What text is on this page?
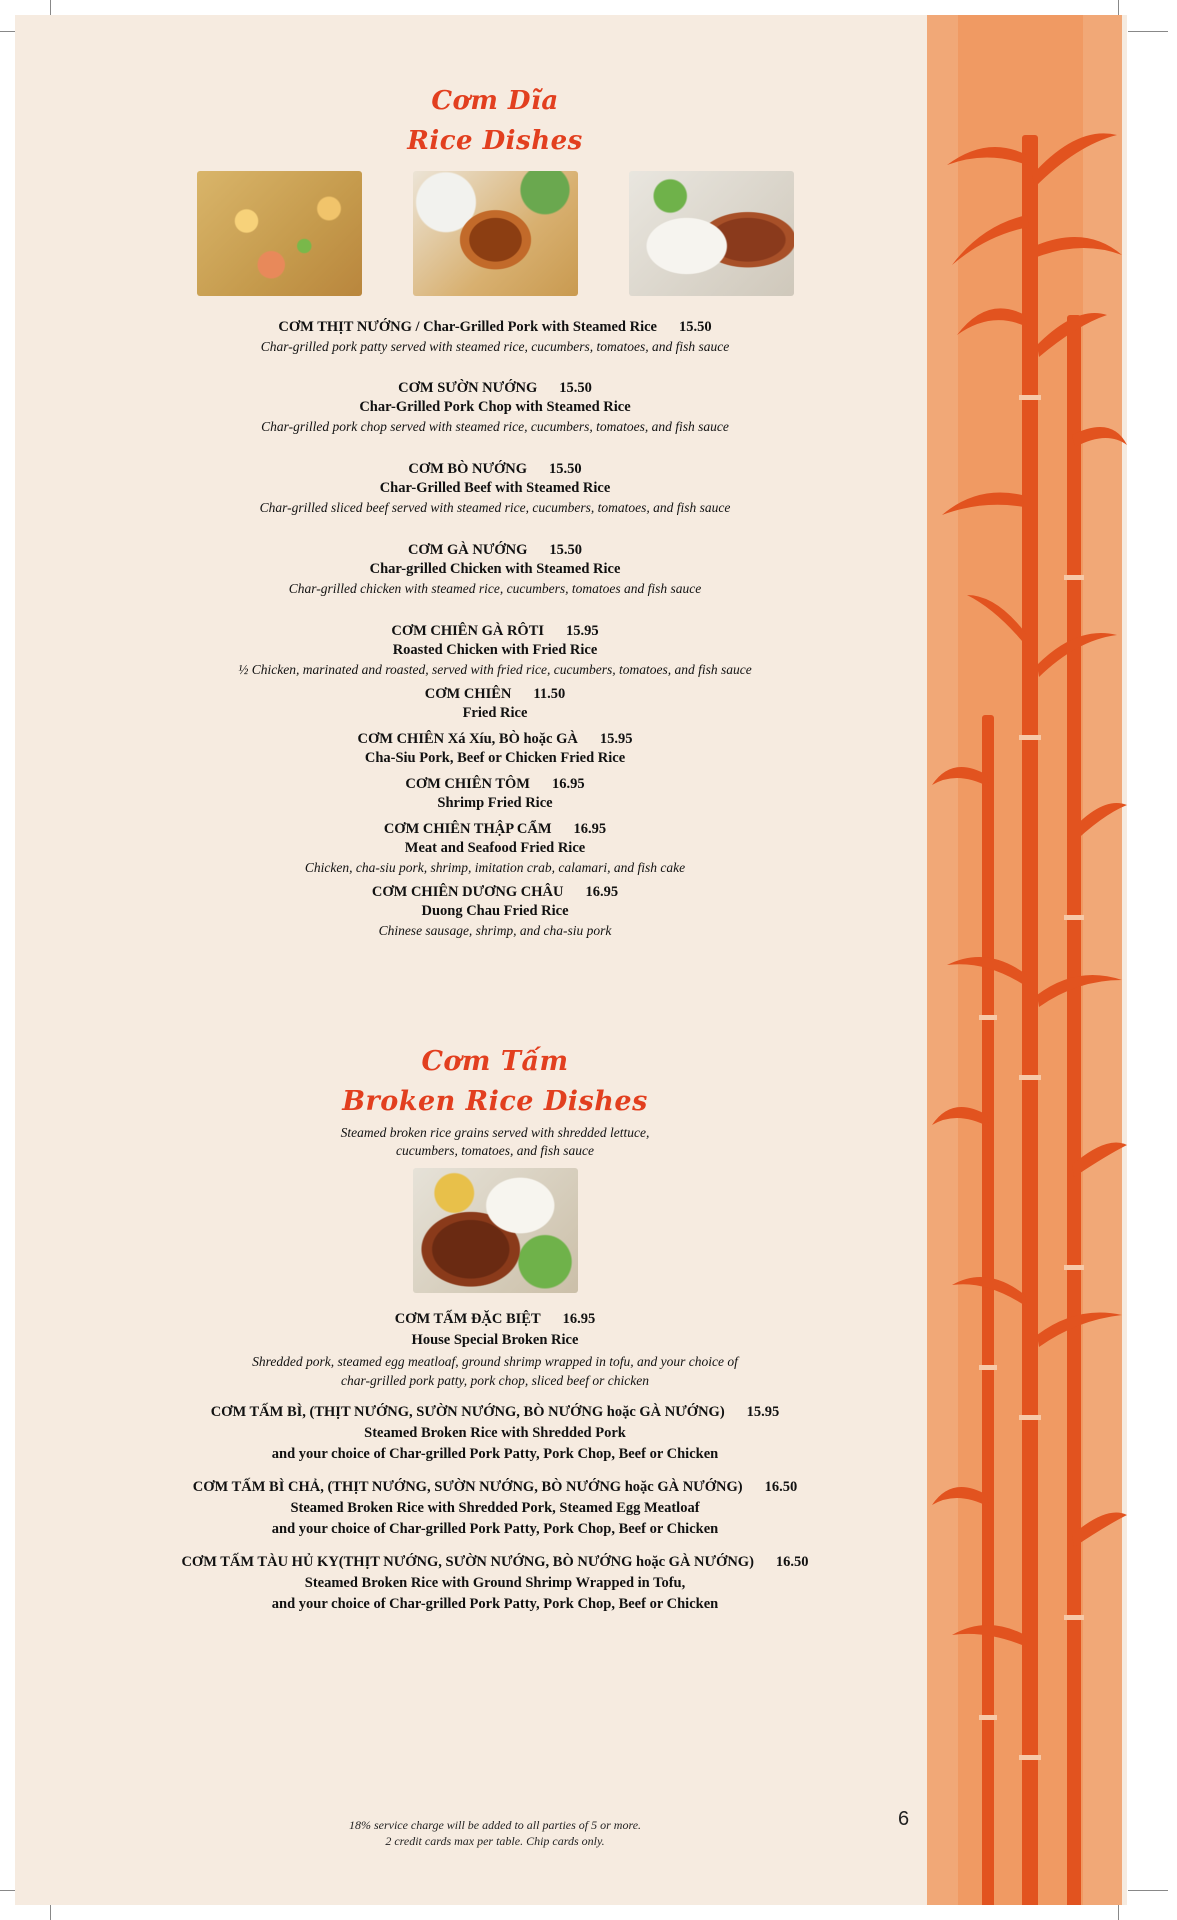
Cơm Dĩa
Rice Dishes
CƠM THỊT NƯỚNG / Char-Grilled Pork with Steamed Rice 15.50
Char-grilled pork patty served with steamed rice, cucumbers, tomatoes, and fish sauce
CƠM SƯỜN NƯỚNG 15.50
Char-Grilled Pork Chop with Steamed Rice
Char-grilled pork chop served with steamed rice, cucumbers, tomatoes, and fish sauce
CƠM BÒ NƯỚNG 15.50
Char-Grilled Beef with Steamed Rice
Char-grilled sliced beef served with steamed rice, cucumbers, tomatoes, and fish sauce
CƠM GÀ NƯỚNG 15.50
Char-grilled Chicken with Steamed Rice
Char-grilled chicken with steamed rice, cucumbers, tomatoes and fish sauce
CƠM CHIÊN GÀ RÔTI 15.95
Roasted Chicken with Fried Rice
½ Chicken, marinated and roasted, served with fried rice, cucumbers, tomatoes, and fish sauce
CƠM CHIÊN 11.50
Fried Rice
CƠM CHIÊN Xá Xíu, BÒ hoặc GÀ 15.95
Cha-Siu Pork, Beef or Chicken Fried Rice
CƠM CHIÊN TÔM 16.95
Shrimp Fried Rice
CƠM CHIÊN THẬP CẨM 16.95
Meat and Seafood Fried Rice
Chicken, cha-siu pork, shrimp, imitation crab, calamari, and fish cake
CƠM CHIÊN DƯƠNG CHÂU 16.95
Duong Chau Fried Rice
Chinese sausage, shrimp, and cha-siu pork
Cơm Tấm
Broken Rice Dishes
Steamed broken rice grains served with shredded lettuce,
cucumbers, tomatoes, and fish sauce
CƠM TẤM ĐẶC BIỆT 16.95
House Special Broken Rice
Shredded pork, steamed egg meatloaf, ground shrimp wrapped in tofu, and your choice of
char-grilled pork patty, pork chop, sliced beef or chicken
CƠM TẤM BÌ, (THỊT NƯỚNG, SƯỜN NƯỚNG, BÒ NƯỚNG hoặc GÀ NƯỚNG) 15.95
Steamed Broken Rice with Shredded Pork
and your choice of Char-grilled Pork Patty, Pork Chop, Beef or Chicken
CƠM TẤM BÌ CHẢ, (THỊT NƯỚNG, SƯỜN NƯỚNG, BÒ NƯỚNG hoặc GÀ NƯỚNG) 16.50
Steamed Broken Rice with Shredded Pork, Steamed Egg Meatloaf
and your choice of Char-grilled Pork Patty, Pork Chop, Beef or Chicken
CƠM TẤM TÀU HỦ KY(THỊT NƯỚNG, SƯỜN NƯỚNG, BÒ NƯỚNG hoặc GÀ NƯỚNG) 16.50
Steamed Broken Rice with Ground Shrimp Wrapped in Tofu,
and your choice of Char-grilled Pork Patty, Pork Chop, Beef or Chicken
18% service charge will be added to all parties of 5 or more.
2 credit cards max per table. Chip cards only.
6
